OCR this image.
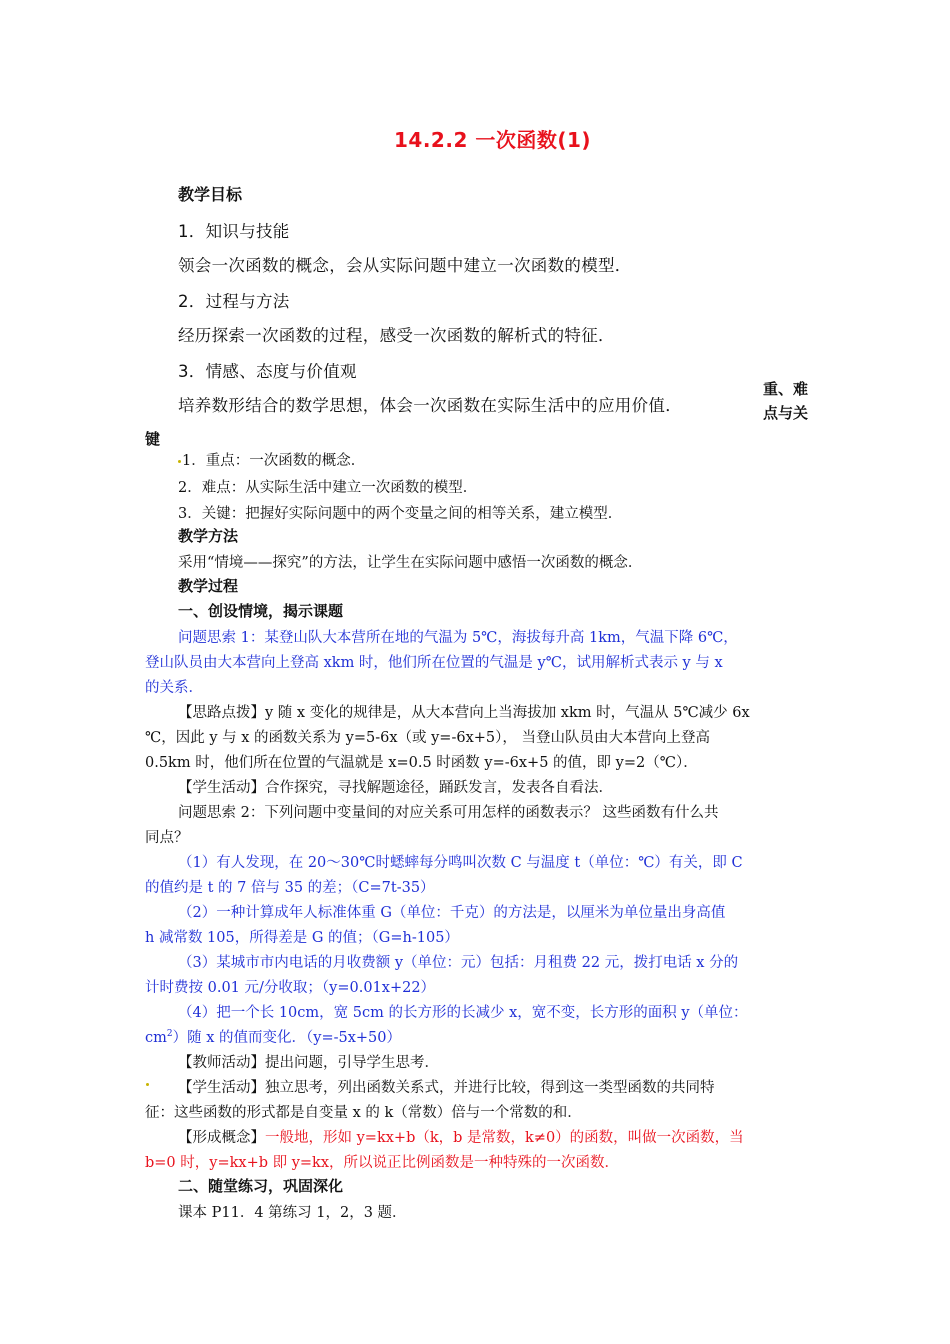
14.2.2 一次函数(1)
教学目标
1．知识与技能
领会一次函数的概念，会从实际问题中建立一次函数的模型．
2．过程与方法
经历探索一次函数的过程，感受一次函数的解析式的特征．
3．情感、态度与价值观
培养数形结合的数学思想，体会一次函数在实际生活中的应用价值．
重、难
点与关
键
1．重点：一次函数的概念．
2．难点：从实际生活中建立一次函数的模型．
3．关键：把握好实际问题中的两个变量之间的相等关系，建立模型．
教学方法
采用“情境——探究”的方法，让学生在实际问题中感悟一次函数的概念．
教学过程
一、创设情境，揭示课题
问题思索 1：某登山队大本营所在地的气温为 5℃，海拔每升高 1km，气温下降 6℃，
登山队员由大本营向上登高 xkm 时，他们所在位置的气温是 y℃，试用解析式表示 y 与 x
的关系．
【思路点拨】y 随 x 变化的规律是，从大本营向上当海拔加 xkm 时，气温从 5℃减少 6x
℃，因此 y 与 x 的函数关系为 y=5-6x（或 y=-6x+5）， 当登山队员由大本营向上登高
0.5km 时，他们所在位置的气温就是 x=0.5 时函数 y=-6x+5 的值，即 y=2（℃）．
【学生活动】合作探究，寻找解题途径，踊跃发言，发表各自看法．
问题思索 2：下列问题中变量间的对应关系可用怎样的函数表示？ 这些函数有什么共
同点？
（1）有人发现，在 20～30℃时蟋蟀每分鸣叫次数 C 与温度 t（单位：℃）有关，即 C
的值约是 t 的 7 倍与 35 的差；（C=7t-35）
（2）一种计算成年人标准体重 G（单位：千克）的方法是，以厘米为单位量出身高值
h 减常数 105，所得差是 G 的值；（G=h-105）
（3）某城市市内电话的月收费额 y（单位：元）包括：月租费 22 元，拨打电话 x 分的
计时费按 0.01 元/分收取；（y=0.01x+22）
（4）把一个长 10cm，宽 5cm 的长方形的长减少 x，宽不变，长方形的面积 y（单位：
$cm^2$）随 x 的值而变化．（y=-5x+50）
【教师活动】提出问题，引导学生思考．
【学生活动】独立思考，列出函数关系式，并进行比较，得到这一类型函数的共同特
征：这些函数的形式都是自变量 x 的 k（常数）倍与一个常数的和．
【形成概念】一般地，形如 y=kx+b（k，b 是常数，k≠0）的函数，叫做一次函数，当
b=0 时，y=kx+b 即 y=kx，所以说正比例函数是一种特殊的一次函数．
二、随堂练习，巩固深化
课本 P11．4 第练习 1，2，3 题．
